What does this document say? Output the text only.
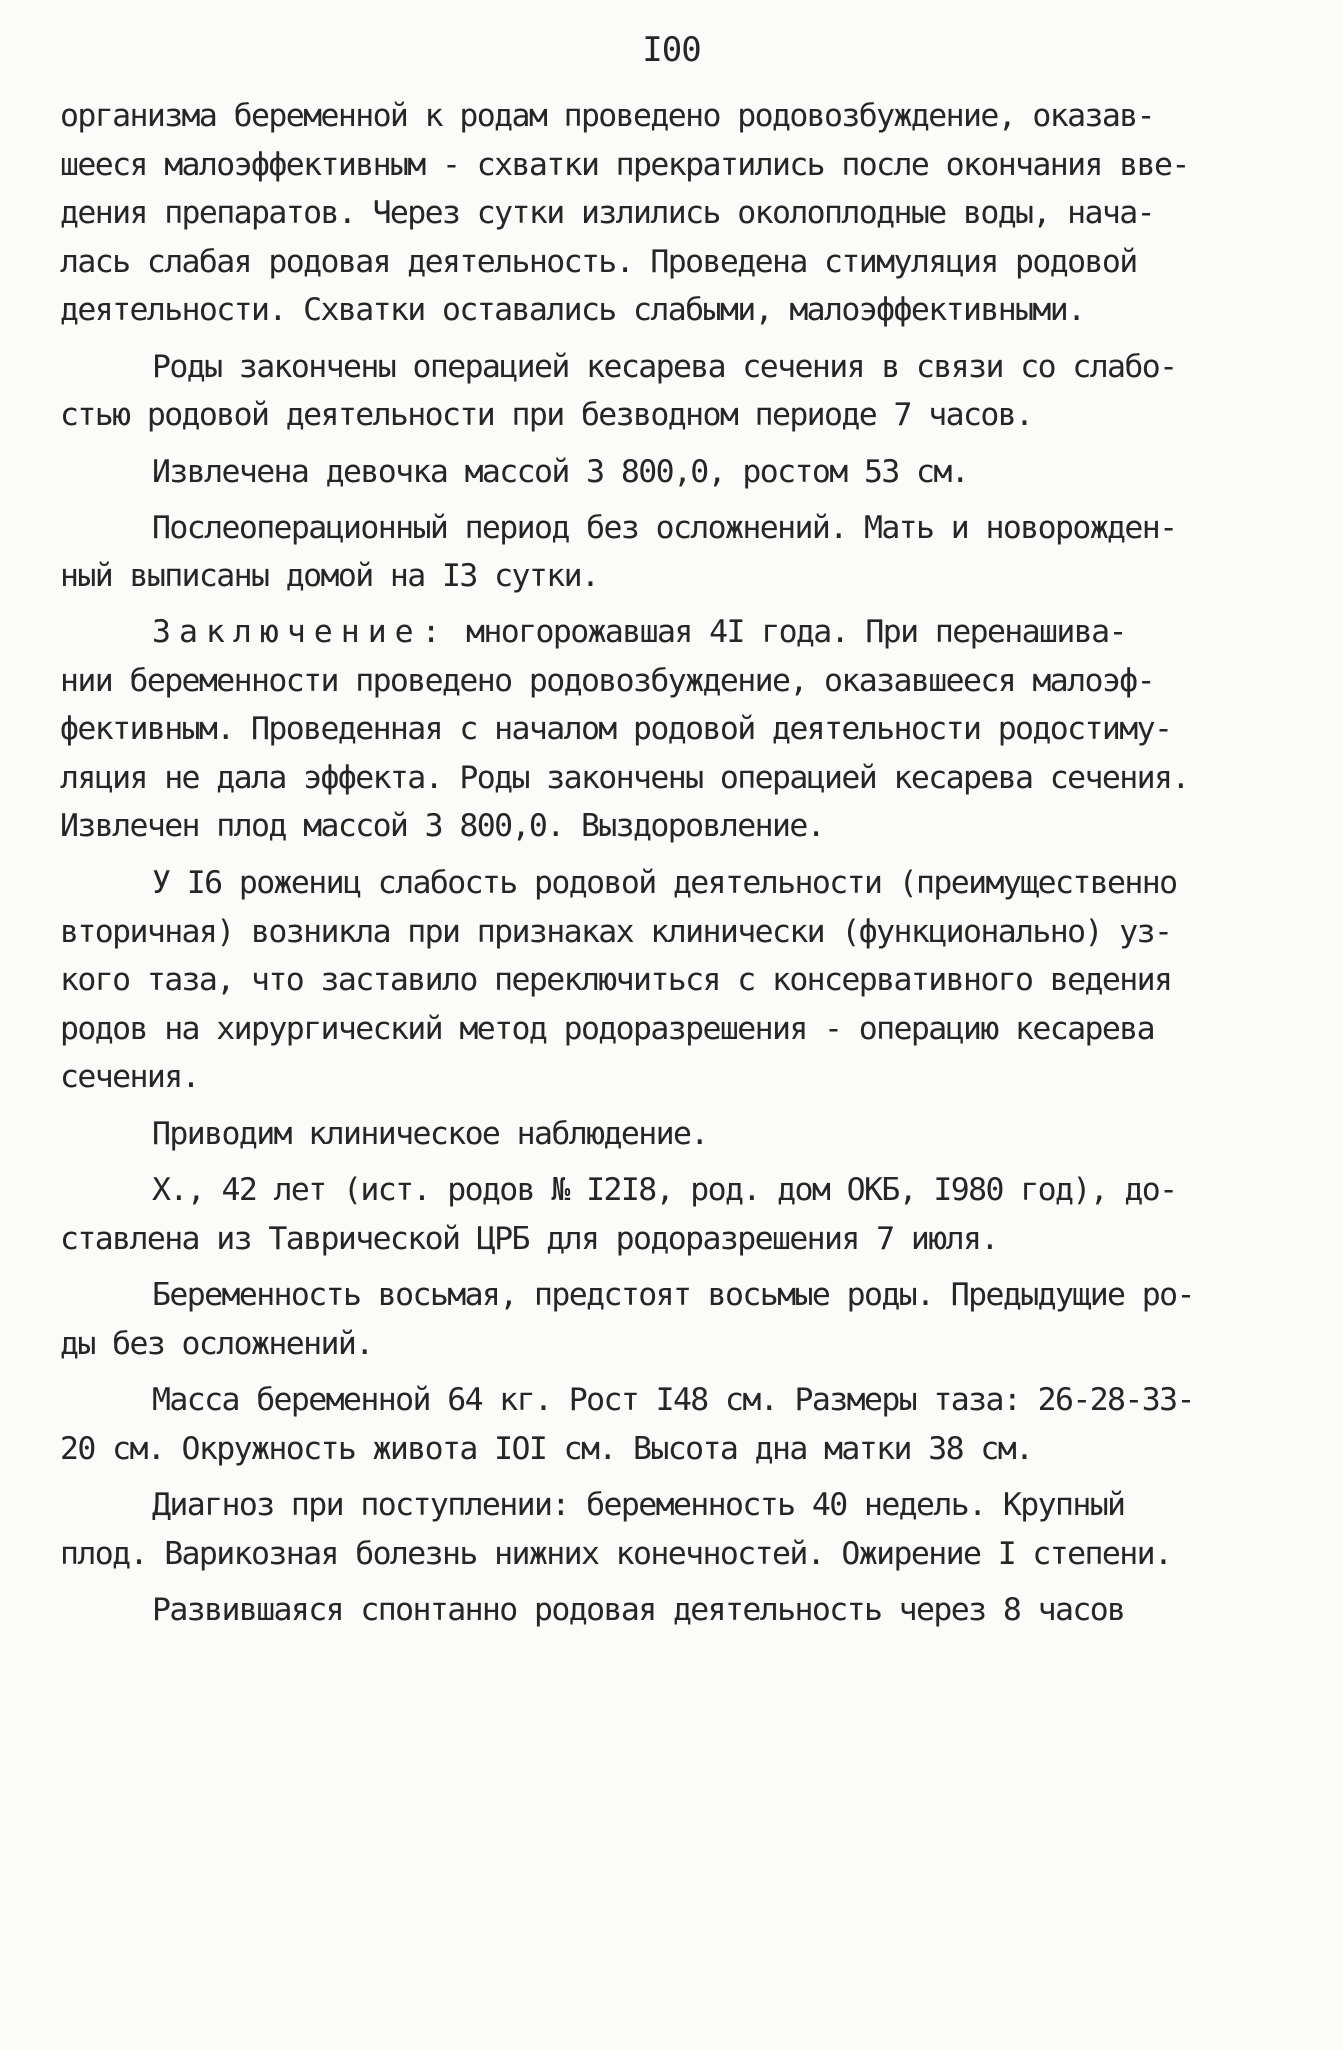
I00
организма беременной к родам проведено родовозбуждение, оказав-
шееся малоэффективным - схватки прекратились после окончания вве-
дения препаратов. Через сутки излились околоплодные воды, нача-
лась слабая родовая деятельность. Проведена стимуляция родовой
деятельности. Схватки оставались слабыми, малоэффективными.
Роды закончены операцией кесарева сечения в связи со слабо-
стью родовой деятельности при безводном периоде 7 часов.
Извлечена девочка массой 3 800,0, ростом 53 см.
Послеоперационный период без осложнений. Мать и новорожден-
ный выписаны домой на I3 сутки.
Заключение: многорожавшая 4I года. При перенашива-
нии беременности проведено родовозбуждение, оказавшееся малоэф-
фективным. Проведенная с началом родовой деятельности родостиму-
ляция не дала эффекта. Роды закончены операцией кесарева сечения.
Извлечен плод массой 3 800,0. Выздоровление.
У I6 рожениц слабость родовой деятельности (преимущественно
вторичная) возникла при признаках клинически (функционально) уз-
кого таза, что заставило переключиться с консервативного ведения
родов на хирургический метод родоразрешения - операцию кесарева
сечения.
Приводим клиническое наблюдение.
Х., 42 лет (ист. родов № I2I8, род. дом ОКБ, I980 год), до-
ставлена из Таврической ЦРБ для родоразрешения 7 июля.
Беременность восьмая, предстоят восьмые роды. Предыдущие ро-
ды без осложнений.
Масса беременной 64 кг. Рост I48 см. Размеры таза: 26-28-33-
20 см. Окружность живота IOI см. Высота дна матки 38 см.
Диагноз при поступлении: беременность 40 недель. Крупный
плод. Варикозная болезнь нижних конечностей. Ожирение I степени.
Развившаяся спонтанно родовая деятельность через 8 часов
